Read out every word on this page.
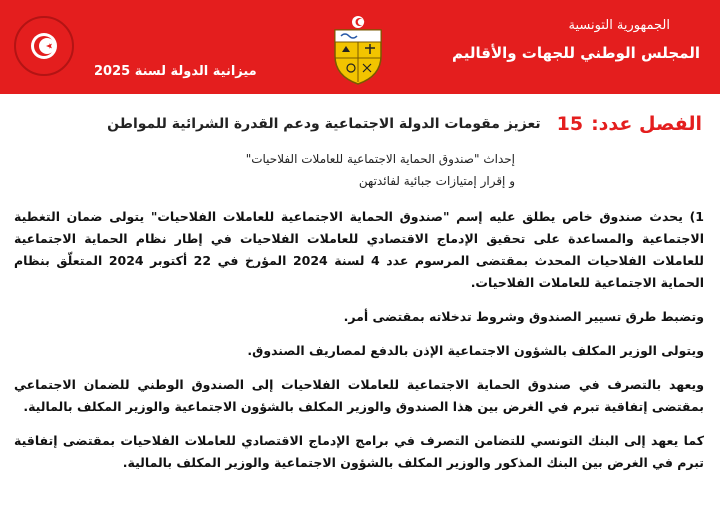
الجمهورية التونسية
المجلس الوطني للجهات والأقاليم
ميزانية الدولة لسنة 2025
الفصل عدد:
15
تعزيز مقومات الدولة الاجتماعية ودعم القدرة الشرائية للمواطن
إحداث "صندوق الحماية الاجتماعية للعاملات الفلاحيات"
و إقرار إمتيازات جبائية لفائدتهن

1) يحدث صندوق خاص يطلق عليه إسم "صندوق الحماية الاجتماعية للعاملات الفلاحيات" يتولى ضمان التغطية الاجتماعية والمساعدة على تحقيق الإدماج الاقتصادي للعاملات الفلاحيات في إطار نظام الحماية الاجتماعية للعاملات الفلاحيات المحدث بمقتضى المرسوم عدد 4 لسنة 2024 المؤرخ في 22 أكتوبر 2024 المتعلّق بنظام الحماية الاجتماعية للعاملات الفلاحيات.

وتضبط طرق تسيير الصندوق وشروط تدخلاته بمقتضى أمر.

ويتولى الوزير المكلف بالشؤون الاجتماعية الإذن بالدفع لمصاريف الصندوق.

ويعهد بالتصرف في صندوق الحماية الاجتماعية للعاملات الفلاحيات إلى الصندوق الوطني للضمان الاجتماعي بمقتضى إتفاقية تبرم في الغرض بين هذا الصندوق والوزير المكلف بالشؤون الاجتماعية والوزير المكلف بالمالية.

كما يعهد إلى البنك التونسي للتضامن التصرف في برامج الإدماج الاقتصادي للعاملات الفلاحيات بمقتضى إتفاقية تبرم في الغرض بين البنك المذكور والوزير المكلف بالشؤون الاجتماعية والوزير المكلف بالمالية.
